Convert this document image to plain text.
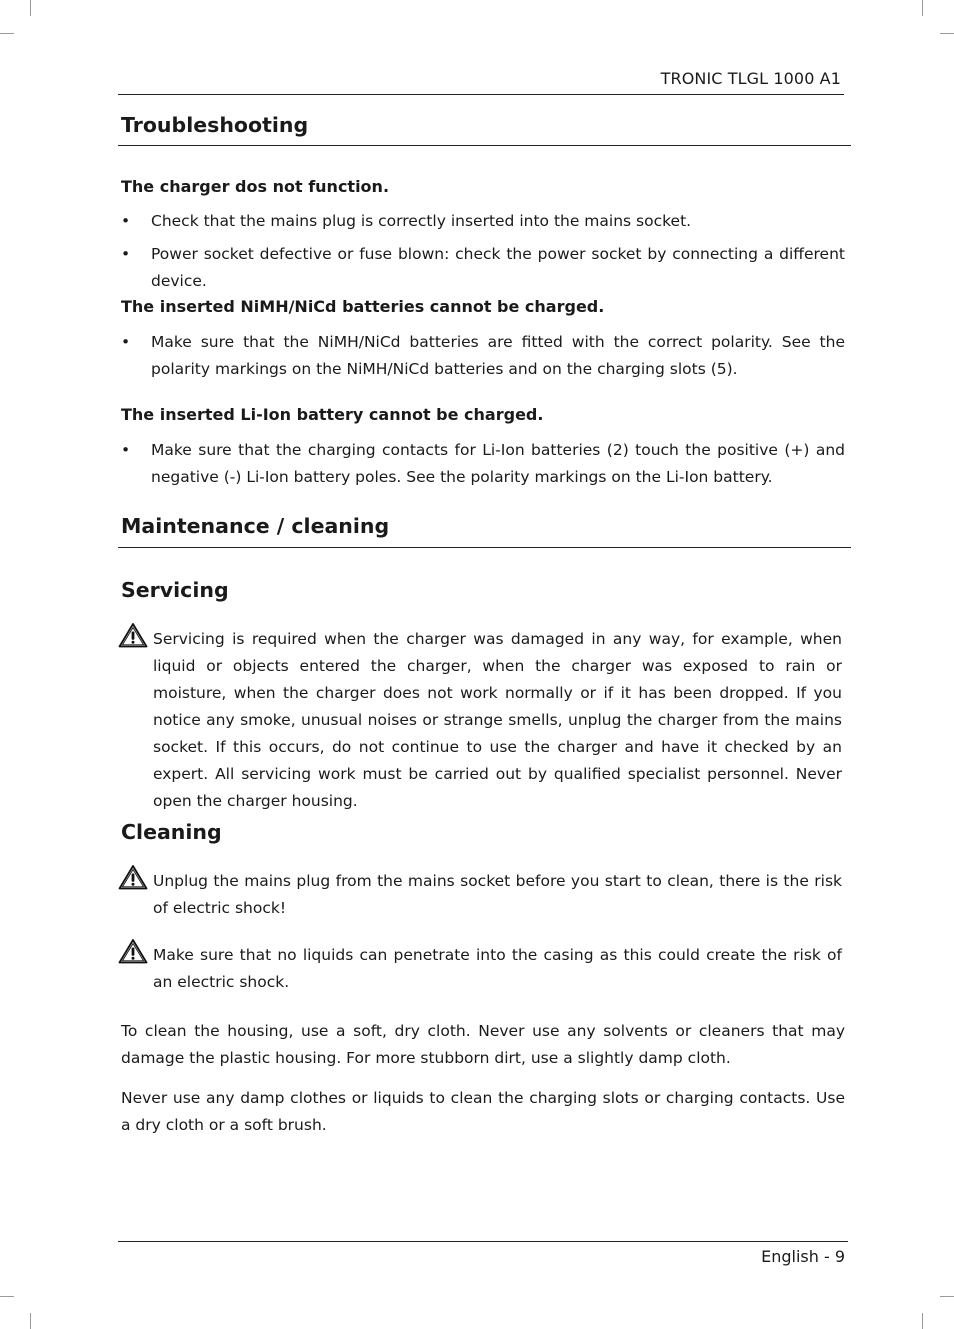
TRONIC TLGL 1000 A1
Troubleshooting
The charger dos not function.
• Check that the mains plug is correctly inserted into the mains socket.
• Power socket defective or fuse blown: check the power socket by connecting a different device.
The inserted NiMH/NiCd batteries cannot be charged.
• Make sure that the NiMH/NiCd batteries are fitted with the correct polarity. See the polarity markings on the NiMH/NiCd batteries and on the charging slots (5).
The inserted Li-Ion battery cannot be charged.
• Make sure that the charging contacts for Li-Ion batteries (2) touch the positive (+) and negative (-) Li-Ion battery poles. See the polarity markings on the Li-Ion battery.
Maintenance / cleaning
Servicing
Servicing is required when the charger was damaged in any way, for example, when liquid or objects entered the charger, when the charger was exposed to rain or moisture, when the charger does not work normally or if it has been dropped. If you notice any smoke, unusual noises or strange smells, unplug the charger from the mains socket. If this occurs, do not continue to use the charger and have it checked by an expert. All servicing work must be carried out by qualified specialist personnel. Never open the charger housing.
Cleaning
Unplug the mains plug from the mains socket before you start to clean, there is the risk of electric shock!
Make sure that no liquids can penetrate into the casing as this could create the risk of an electric shock.
To clean the housing, use a soft, dry cloth. Never use any solvents or cleaners that may damage the plastic housing. For more stubborn dirt, use a slightly damp cloth.
Never use any damp clothes or liquids to clean the charging slots or charging contacts. Use a dry cloth or a soft brush.
English - 9
